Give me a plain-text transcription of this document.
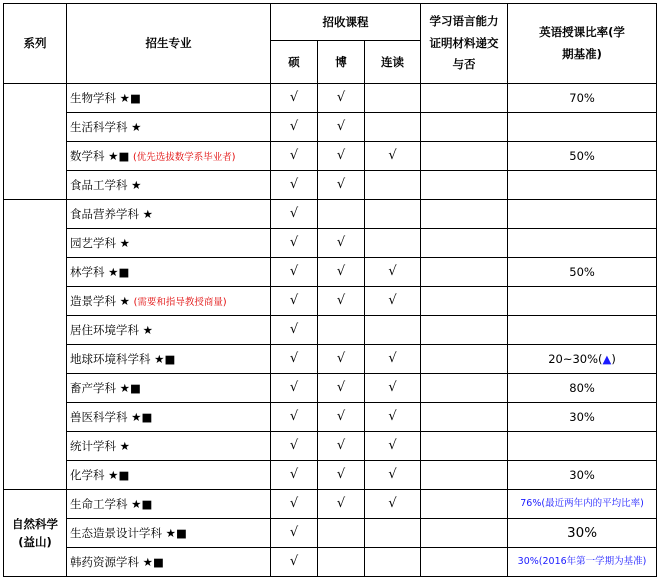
系列	招生专业	招收课程			学习语言能力证明材料递交与否	英语授课比率(学期基准)
		硕	博	连读		
	生物学科 ★■	√	√			70%
	生活科学科 ★	√	√			
	数学科 ★■ (优先选拔数学系毕业者)	√	√	√		50%
	食品工学科 ★	√	√			
	食品营养学科 ★	√				
	园艺学科 ★	√	√			
	林学科 ★■	√	√	√		50%
	造景学科 ★ (需要和指导教授商量)	√	√	√		
	居住环境学科 ★	√				
	地球环境科学科 ★■	√	√	√		20~30%(▲)
	畜产学科 ★■	√	√	√		80%
	兽医科学科 ★■	√	√	√		30%
	统计学科 ★	√	√	√		
	化学科 ★■	√	√	√		30%
自然科学
(益山)	生命工学科 ★■	√	√	√		76%(最近两年内的平均比率)
	生态造景设计学科 ★■	√				30%
	韩药资源学科 ★■	√				30%(2016年第一学期为基准)
